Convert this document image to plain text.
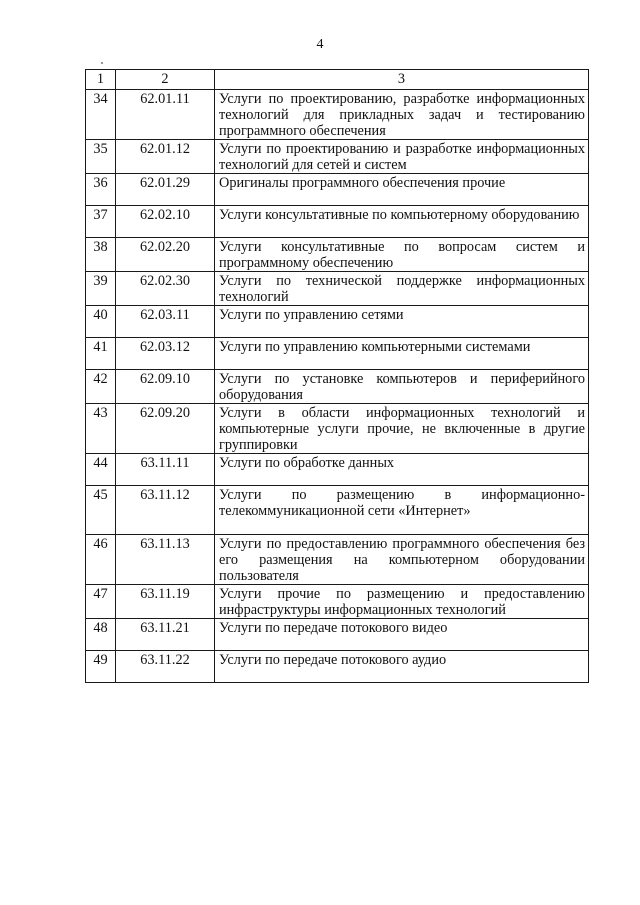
4
1	2	3
34	62.01.11	Услуги по проектированию, разработке информационных технологий для прикладных задач и тестированию программного обеспечения
35	62.01.12	Услуги по проектированию и разработке информационных технологий для сетей и систем
36	62.01.29	Оригиналы программного обеспечения прочие
37	62.02.10	Услуги консультативные по компьютерному оборудованию
38	62.02.20	Услуги консультативные по вопросам систем и программному обеспечению
39	62.02.30	Услуги по технической поддержке информационных технологий
40	62.03.11	Услуги по управлению сетями
41	62.03.12	Услуги по управлению компьютерными системами
42	62.09.10	Услуги по установке компьютеров и периферийного оборудования
43	62.09.20	Услуги в области информационных технологий и компьютерные услуги прочие, не включенные в другие группировки
44	63.11.11	Услуги по обработке данных
45	63.11.12	Услуги по размещению в информационно-телекоммуникационной сети «Интернет»
46	63.11.13	Услуги по предоставлению программного обеспечения без его размещения на компьютерном оборудовании пользователя
47	63.11.19	Услуги прочие по размещению и предоставлению инфраструктуры информационных технологий
48	63.11.21	Услуги по передаче потокового видео
49	63.11.22	Услуги по передаче потокового аудио
